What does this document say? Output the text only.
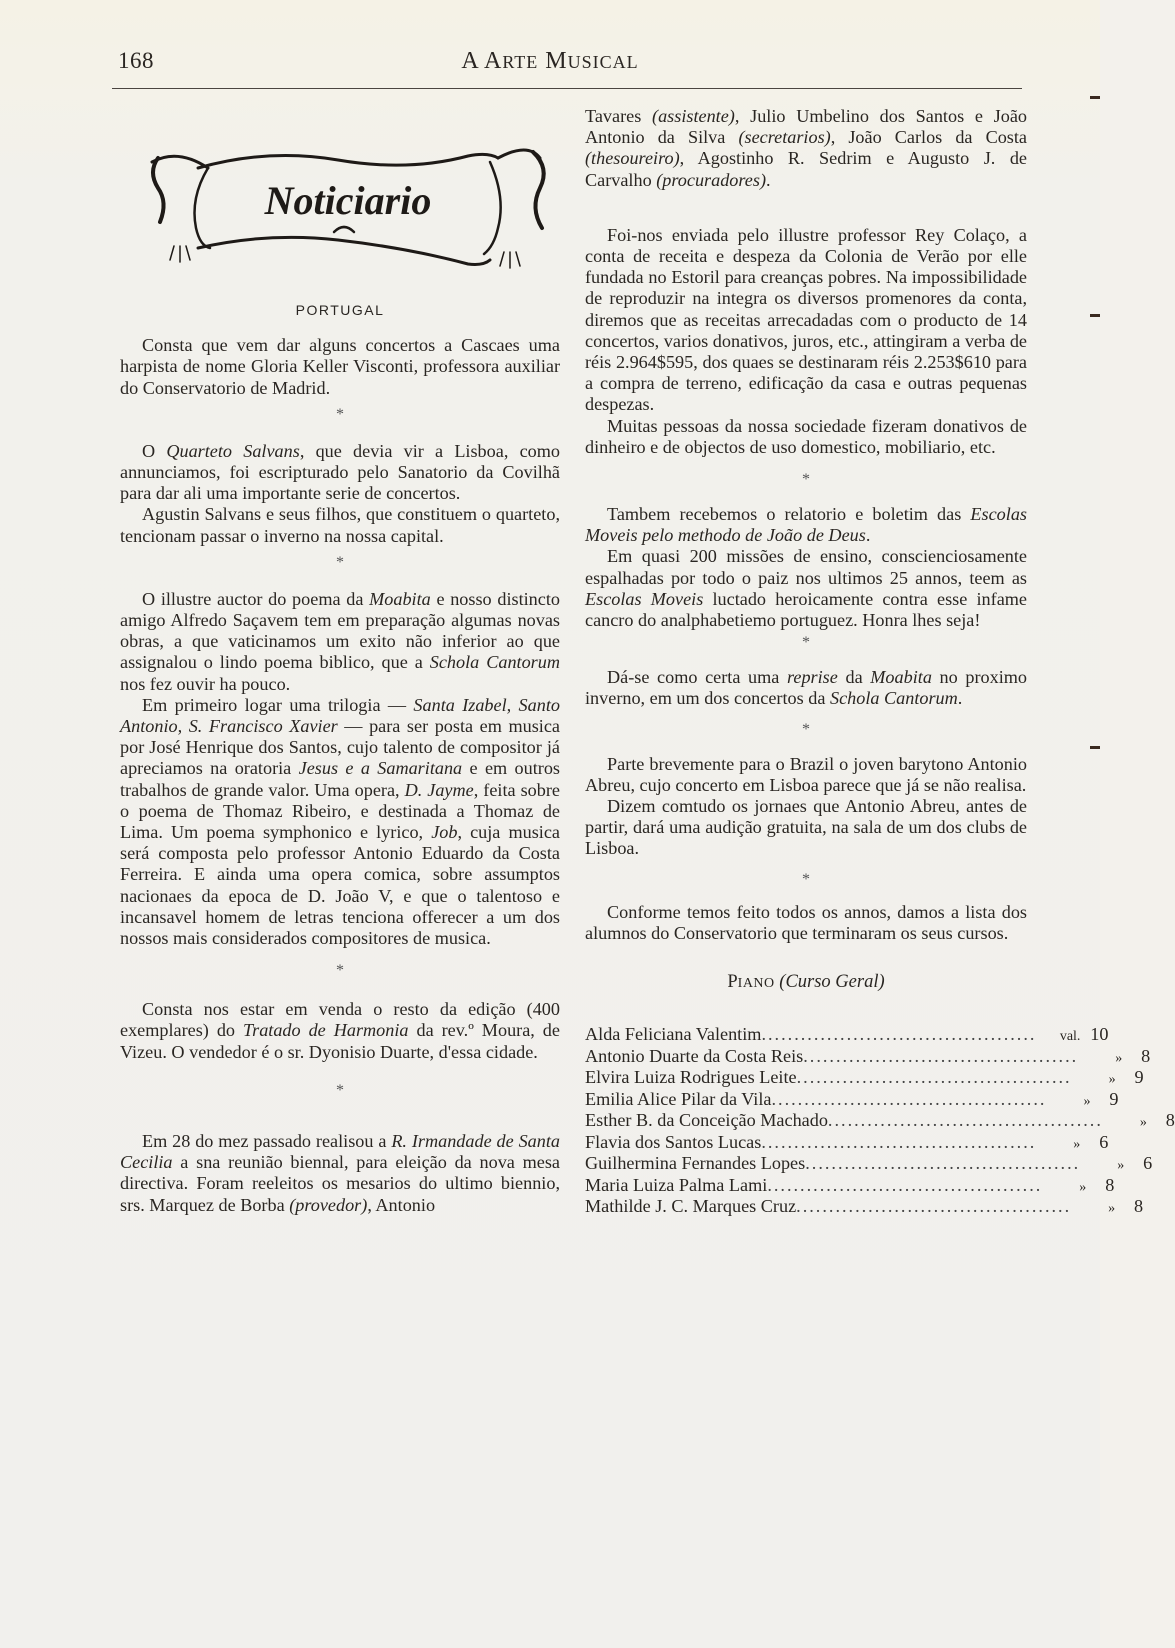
168	A ARTE MUSICAL
Noticiario
PORTUGAL

Consta que vem dar alguns concertos a Cascaes uma harpista de nome Gloria Keller Visconti, professora auxiliar do Conservatorio de Madrid.

*

O Quarteto Salvans, que devia vir a Lisboa, como annunciamos, foi escripturado pelo Sanatorio da Covilhã para dar ali uma importante serie de concertos.

Agustin Salvans e seus filhos, que constituem o quarteto, tencionam passar o inverno na nossa capital.

*

O illustre auctor do poema da Moabita e nosso distincto amigo Alfredo Saçavem tem em preparação algumas novas obras, a que vaticinamos um exito não inferior ao que assignalou o lindo poema biblico, que a Schola Cantorum nos fez ouvir ha pouco.

Em primeiro logar uma trilogia — Santa Izabel, Santo Antonio, S. Francisco Xavier — para ser posta em musica por José Henrique dos Santos, cujo talento de compositor já apreciamos na oratoria Jesus e a Samaritana e em outros trabalhos de grande valor. Uma opera, D. Jayme, feita sobre o poema de Thomaz Ribeiro, e destinada a Thomaz de Lima. Um poema symphonico e lyrico, Job, cuja musica será composta pelo professor Antonio Eduardo da Costa Ferreira. E ainda uma opera comica, sobre assumptos nacionaes da epoca de D. João V, e que o talentoso e incansavel homem de letras tenciona offerecer a um dos nossos mais considerados compositores de musica.

*

Consta nos estar em venda o resto da edição (400 exemplares) do Tratado de Harmonia da rev.º Moura, de Vizeu. O vendedor é o sr. Dyonisio Duarte, d'essa cidade.

*

Em 28 do mez passado realisou a R. Irmandade de Santa Cecilia a sna reunião biennal, para eleição da nova mesa directiva. Foram reeleitos os mesarios do ultimo biennio, srs. Marquez de Borba (provedor), Antonio

Tavares (assistente), Julio Umbelino dos Santos e João Antonio da Silva (secretarios), João Carlos da Costa (thesoureiro), Agostinho R. Sedrim e Augusto J. de Carvalho (procuradores).

Foi-nos enviada pelo illustre professor Rey Colaço, a conta de receita e despeza da Colonia de Verão por elle fundada no Estoril para creanças pobres. Na impossibilidade de reproduzir na integra os diversos promenores da conta, diremos que as receitas arrecadadas com o producto de 14 concertos, varios donativos, juros, etc., attingiram a verba de réis 2.964$595, dos quaes se destinaram réis 2.253$610 para a compra de terreno, edificação da casa e outras pequenas despezas.

Muitas pessoas da nossa sociedade fizeram donativos de dinheiro e de objectos de uso domestico, mobiliario, etc.

*

Tambem recebemos o relatorio e boletim das Escolas Moveis pelo methodo de João de Deus.

Em quasi 200 missões de ensino, conscienciosamente espalhadas por todo o paiz nos ultimos 25 annos, teem as Escolas Moveis luctado heroicamente contra esse infame cancro do analphabetiemo portuguez. Honra lhes seja!

*

Dá-se como certa uma reprise da Moabita no proximo inverno, em um dos concertos da Schola Cantorum.

*

Parte brevemente para o Brazil o joven barytono Antonio Abreu, cujo concerto em Lisboa parece que já se não realisa.

Dizem comtudo os jornaes que Antonio Abreu, antes de partir, dará uma audição gratuita, na sala de um dos clubs de Lisboa.

*

Conforme temos feito todos os annos, damos a lista dos alumnos do Conservatorio que terminaram os seus cursos.

PIANO (Curso Geral)
Alda Feliciana Valentim ..........................................	val. 10
Antonio Duarte da Costa Reis ..........................................	»	8
Elvira Luiza Rodrigues Leite ..........................................	»	9
Emilia Alice Pilar da Vila ..........................................	»	9
Esther B. da Conceição Machado ..........................................	»	8
Flavia dos Santos Lucas ..........................................	»	6
Guilhermina Fernandes Lopes ..........................................	»	6
Maria Luiza Palma Lami ..........................................	»	8
Mathilde J. C. Marques Cruz ..........................................	»	8
